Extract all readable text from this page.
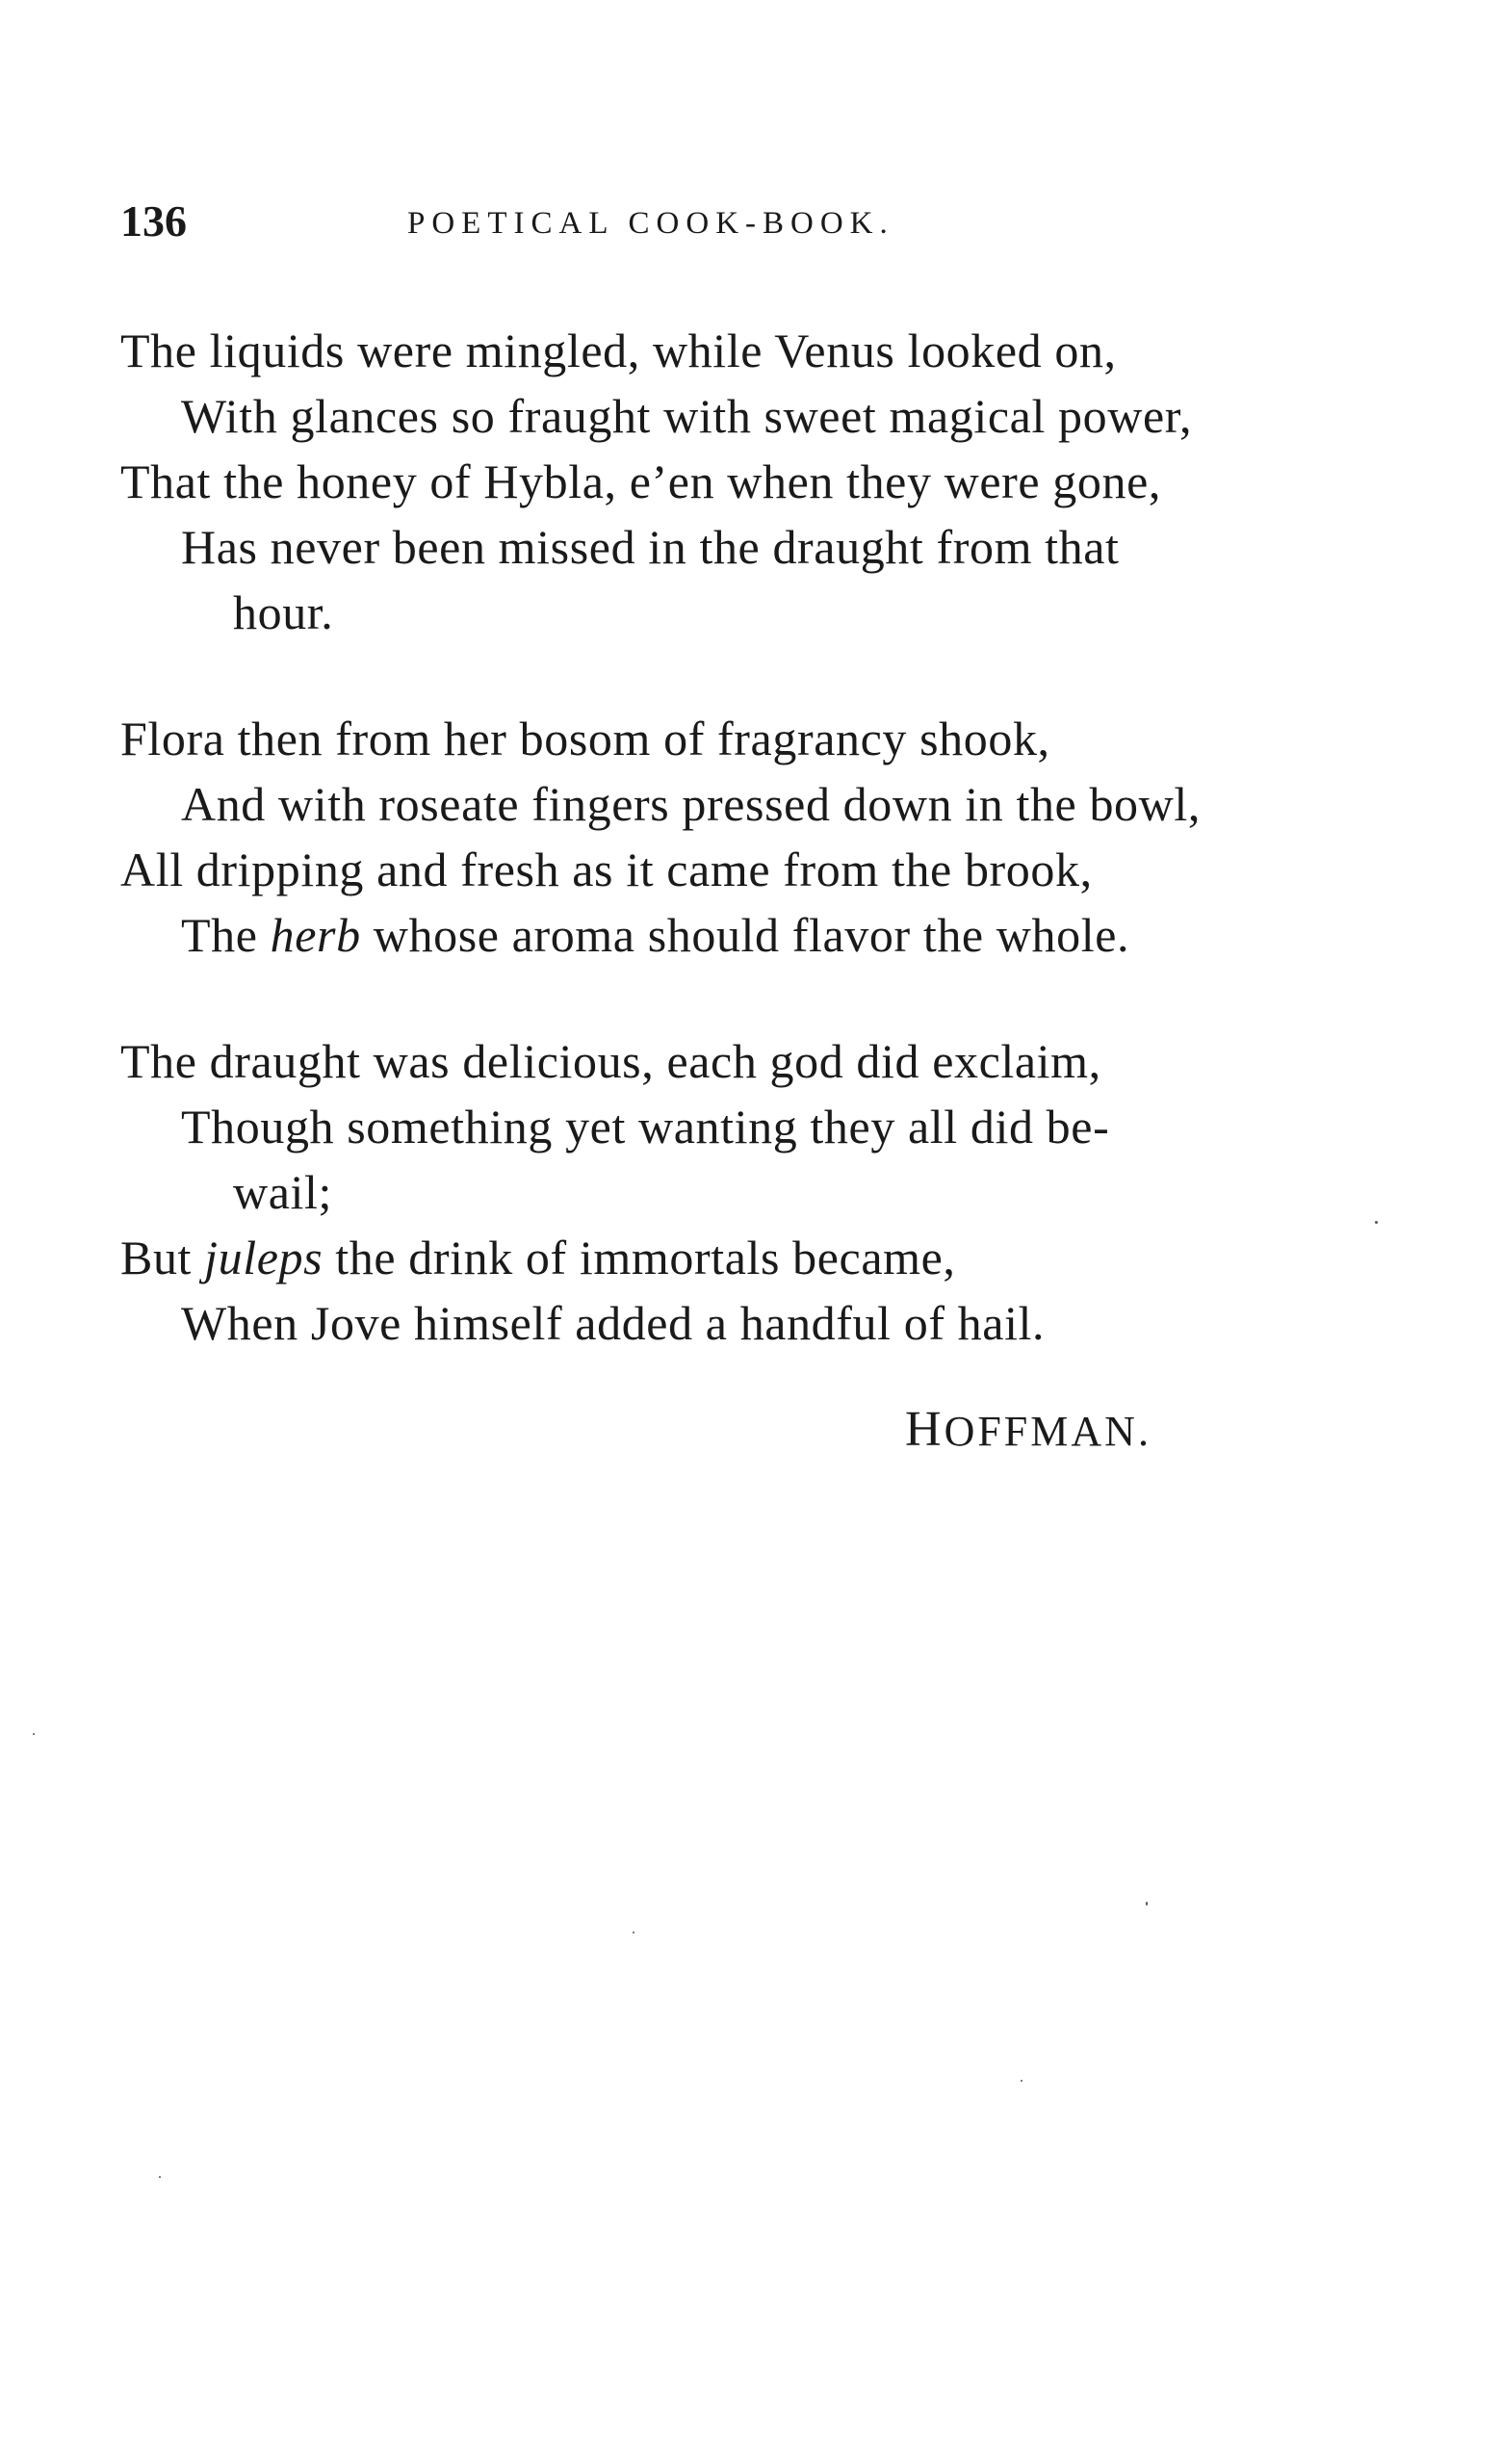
136	POETICAL COOK-BOOK.
The liquids were mingled, while Venus looked on,
With glances so fraught with sweet magical power,
That the honey of Hybla, e’en when they were gone,
Has never been missed in the draught from that
hour.
Flora then from her bosom of fragrancy shook,
And with roseate fingers pressed down in the bowl,
All dripping and fresh as it came from the brook,
The herb whose aroma should flavor the whole.
The draught was delicious, each god did exclaim,
Though something yet wanting they all did be-
wail;
But juleps the drink of immortals became,
When Jove himself added a handful of hail.
HOFFMAN.
